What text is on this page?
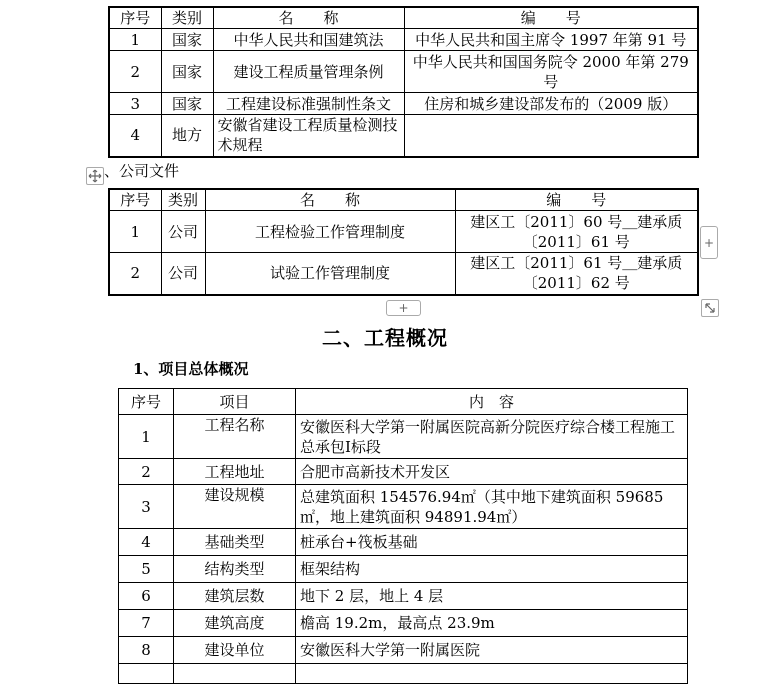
序号	类别	名　　称	编　　号
1	国家	中华人民共和国建筑法	中华人民共和国主席令 1997 年第 91 号
2	国家	建设工程质量管理条例	中华人民共和国国务院令 2000 年第 279 号
3	国家	工程建设标准强制性条文	住房和城乡建设部发布的（2009 版）
4	地方	安徽省建设工程质量检测技术规程	
、公司文件
序号	类别	名　　称	编　　号
1	公司	工程检验工作管理制度	建区工〔2011〕60 号＿建承质〔2011〕61 号
2	公司	试验工作管理制度	建区工〔2011〕61 号＿建承质〔2011〕62 号
+
+
二、工程概况
1、项目总体概况
序号	项目	内　容
1	工程名称	安徽医科大学第一附属医院高新分院医疗综合楼工程施工总承包Ⅰ标段
2	工程地址	合肥市高新技术开发区
3	建设规模	总建筑面积 154576.94㎡（其中地下建筑面积 59685㎡，地上建筑面积 94891.94㎡）
4	基础类型	桩承台+筏板基础
5	结构类型	框架结构
6	建筑层数	地下 2 层，地上 4 层
7	建筑高度	檐高 19.2m，最高点 23.9m
8	建设单位	安徽医科大学第一附属医院
